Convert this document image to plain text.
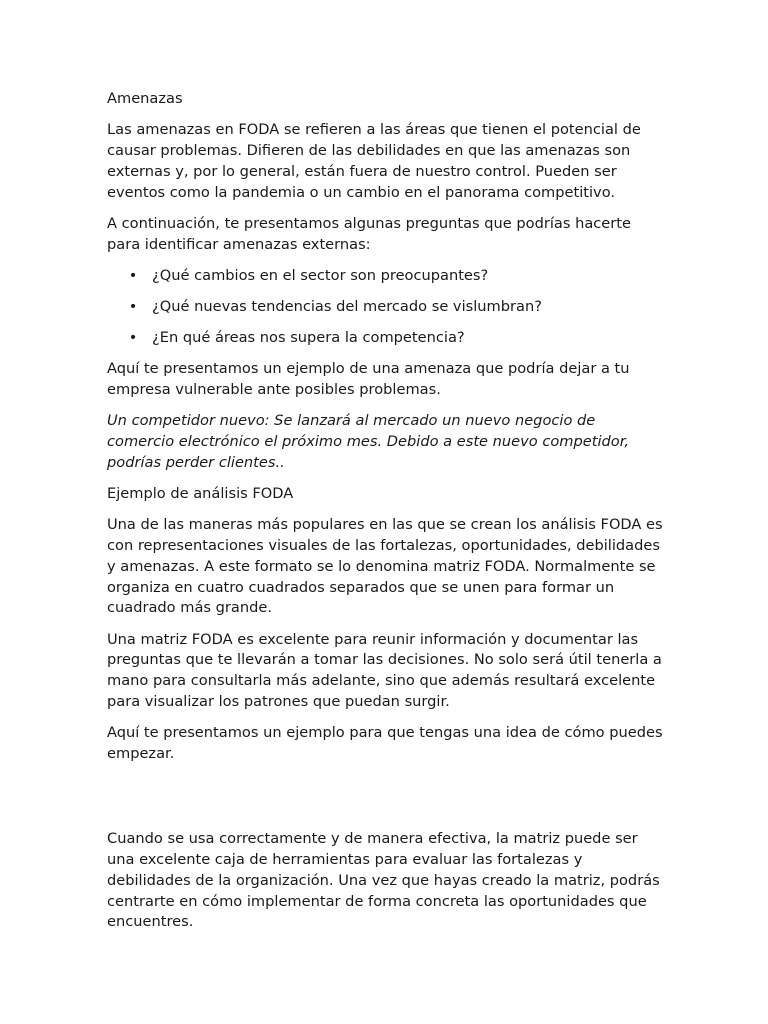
Amenazas

Las amenazas en FODA se refieren a las áreas que tienen el potencial de causar problemas. Difieren de las debilidades en que las amenazas son externas y, por lo general, están fuera de nuestro control. Pueden ser eventos como la pandemia o un cambio en el panorama competitivo.

A continuación, te presentamos algunas preguntas que podrías hacerte para identificar amenazas externas:

• ¿Qué cambios en el sector son preocupantes?
• ¿Qué nuevas tendencias del mercado se vislumbran?
• ¿En qué áreas nos supera la competencia?

Aquí te presentamos un ejemplo de una amenaza que podría dejar a tu empresa vulnerable ante posibles problemas.

Un competidor nuevo: Se lanzará al mercado un nuevo negocio de comercio electrónico el próximo mes. Debido a este nuevo competidor, podrías perder clientes..

Ejemplo de análisis FODA

Una de las maneras más populares en las que se crean los análisis FODA es con representaciones visuales de las fortalezas, oportunidades, debilidades y amenazas. A este formato se lo denomina matriz FODA. Normalmente se organiza en cuatro cuadrados separados que se unen para formar un cuadrado más grande.

Una matriz FODA es excelente para reunir información y documentar las preguntas que te llevarán a tomar las decisiones. No solo será útil tenerla a mano para consultarla más adelante, sino que además resultará excelente para visualizar los patrones que puedan surgir.

Aquí te presentamos un ejemplo para que tengas una idea de cómo puedes empezar.

Cuando se usa correctamente y de manera efectiva, la matriz puede ser una excelente caja de herramientas para evaluar las fortalezas y debilidades de la organización. Una vez que hayas creado la matriz, podrás centrarte en cómo implementar de forma concreta las oportunidades que encuentres.
